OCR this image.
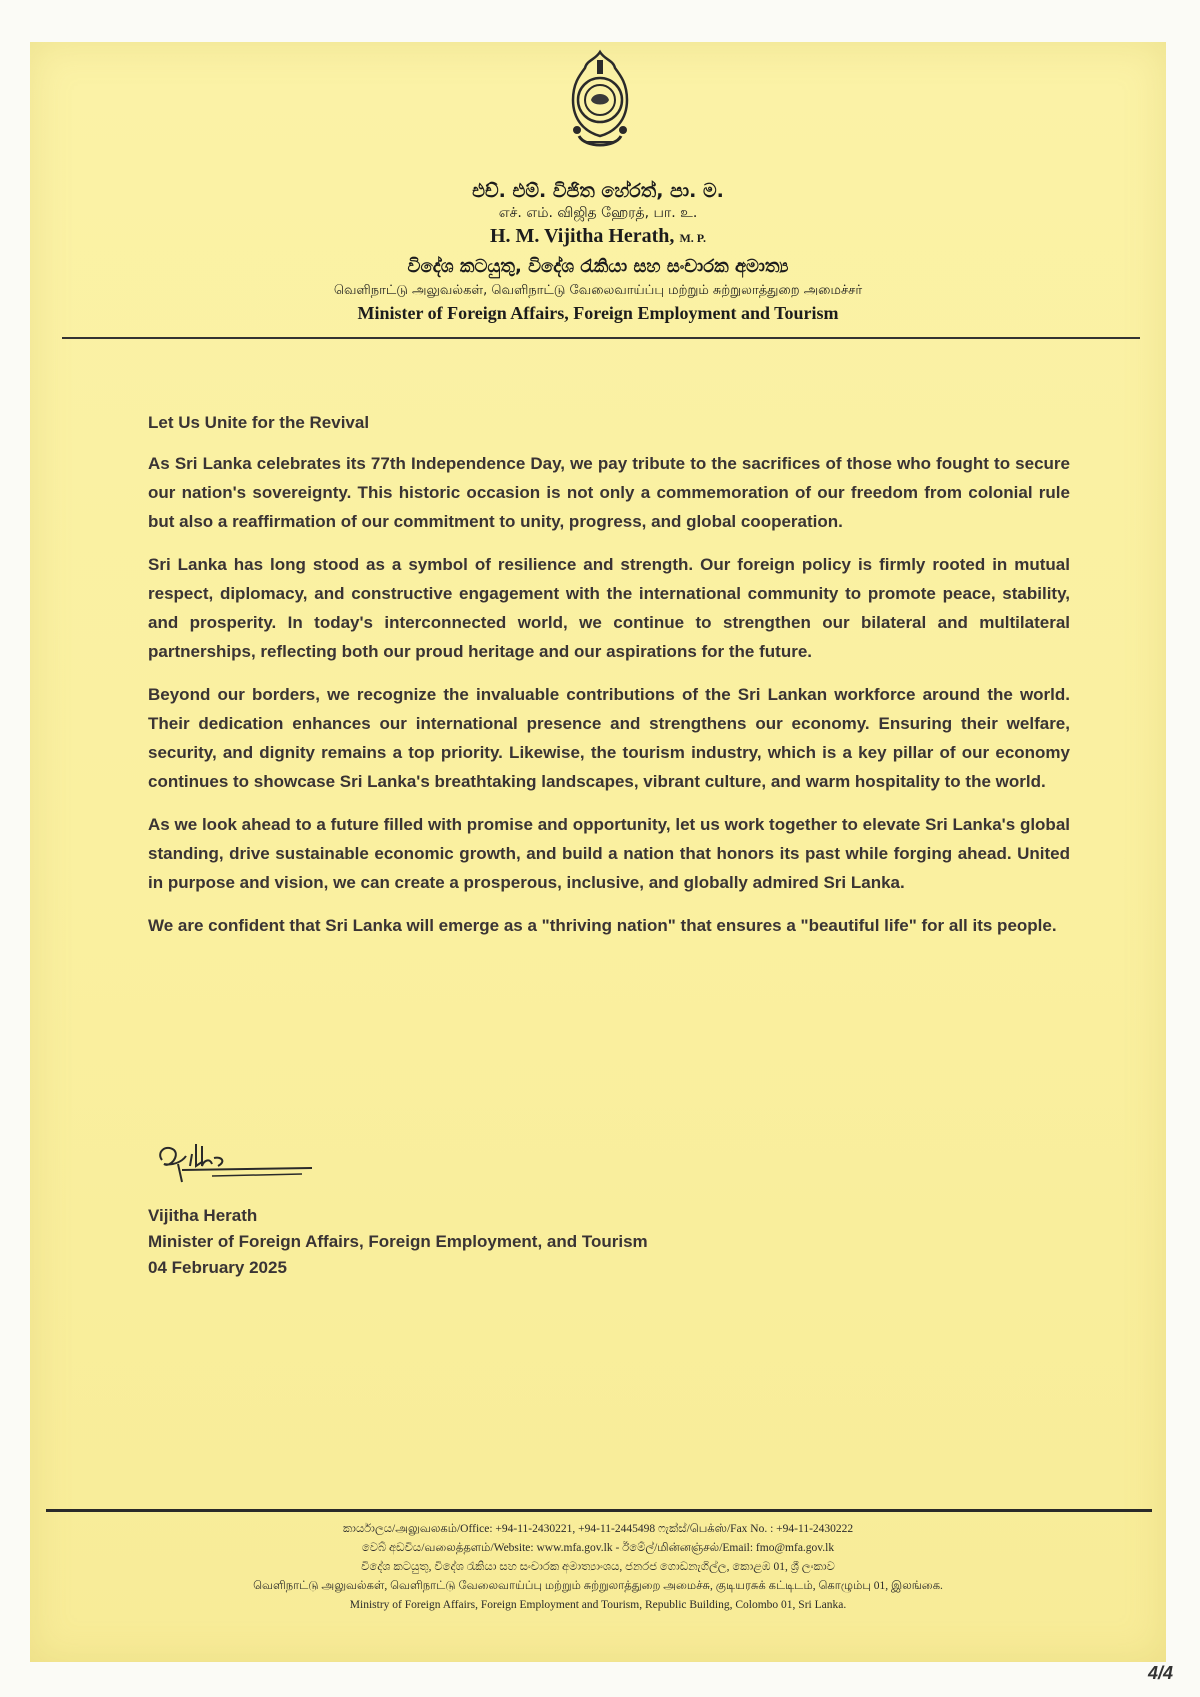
එච්. එම්. විජිත හේරත්, පා. ම.
எச். எம். விஜித ஹேரத், பா. உ.
H. M. Vijitha Herath, M. P.
විදේශ කටයුතු, විදේශ රැකියා සහ සංචාරක අමාත්‍ය
வெளிநாட்டு அலுவல்கள், வெளிநாட்டு வேலைவாய்ப்பு மற்றும் சுற்றுலாத்துறை அமைச்சர்
Minister of Foreign Affairs, Foreign Employment and Tourism
Let Us Unite for the Revival

As Sri Lanka celebrates its 77th Independence Day, we pay tribute to the sacrifices of those who fought to secure our nation's sovereignty. This historic occasion is not only a commemoration of our freedom from colonial rule but also a reaffirmation of our commitment to unity, progress, and global cooperation.

Sri Lanka has long stood as a symbol of resilience and strength. Our foreign policy is firmly rooted in mutual respect, diplomacy, and constructive engagement with the international community to promote peace, stability, and prosperity. In today's interconnected world, we continue to strengthen our bilateral and multilateral partnerships, reflecting both our proud heritage and our aspirations for the future.

Beyond our borders, we recognize the invaluable contributions of the Sri Lankan workforce around the world. Their dedication enhances our international presence and strengthens our economy. Ensuring their welfare, security, and dignity remains a top priority. Likewise, the tourism industry, which is a key pillar of our economy continues to showcase Sri Lanka's breathtaking landscapes, vibrant culture, and warm hospitality to the world.

As we look ahead to a future filled with promise and opportunity, let us work together to elevate Sri Lanka's global standing, drive sustainable economic growth, and build a nation that honors its past while forging ahead. United in purpose and vision, we can create a prosperous, inclusive, and globally admired Sri Lanka.

We are confident that Sri Lanka will emerge as a "thriving nation" that ensures a "beautiful life" for all its people.

Vijitha Herath
Minister of Foreign Affairs, Foreign Employment, and Tourism
04 February 2025
කාර්යාලය/அலுவலகம்/Office: +94-11-2430221, +94-11-2445498 ෆැක්ස්/பெக்ஸ்/Fax No. : +94-11-2430222
වෙබ් අඩවිය/வலைத்தளம்/Website: www.mfa.gov.lk - ඊමේල්/மின்னஞ்சல்/Email: fmo@mfa.gov.lk
විදේශ කටයුතු, විදේශ රැකියා සහ සංචාරක අමාත්‍යාංශය, ජනරජ ගොඩනැගිල්ල, කොළඹ 01, ශ්‍රී ලංකාව
வெளிநாட்டு அலுவல்கள், வெளிநாட்டு வேலைவாய்ப்பு மற்றும் சுற்றுலாத்துறை அமைச்சு, குடியரசுக் கட்டிடம், கொழும்பு 01, இலங்கை.
Ministry of Foreign Affairs, Foreign Employment and Tourism, Republic Building, Colombo 01, Sri Lanka.
4/4
